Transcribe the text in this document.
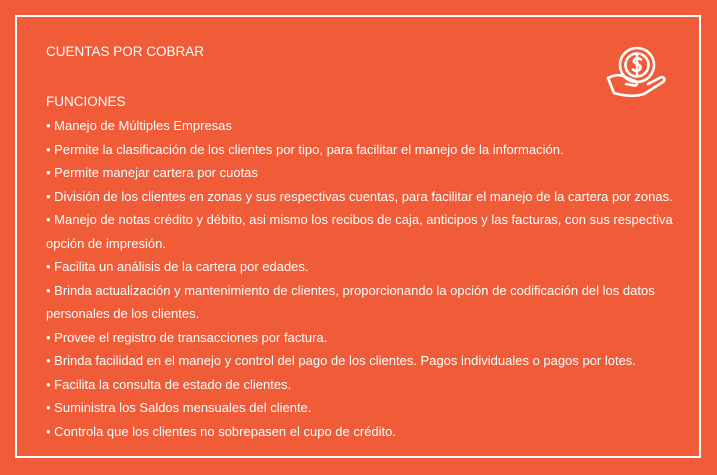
CUENTAS POR COBRAR
FUNCIONES
• Manejo de Múltiples Empresas
• Permite la clasificación de los clientes por tipo, para facilitar el manejo de la información.
• Permite manejar cartera por cuotas
• División de los clientes en zonas y sus respectivas cuentas, para facilitar el manejo de la cartera por zonas.
• Manejo de notas crédito y débito, asi mismo los recibos de caja, anticipos y las facturas, con sus respectiva opción de impresión.
• Facilita un análisis de la cartera por edades.
• Brinda actualización y mantenimiento de clientes, proporcionando la opción de codificación del los datos personales de los clientes.
• Provee el registro de transacciones por factura.
• Brinda facilidad en el manejo y control del pago de los clientes. Pagos individuales o pagos por lotes.
• Facilita la consulta de estado de clientes.
• Suministra los Saldos mensuales del cliente.
• Controla que los clientes no sobrepasen el cupo de crédito.
